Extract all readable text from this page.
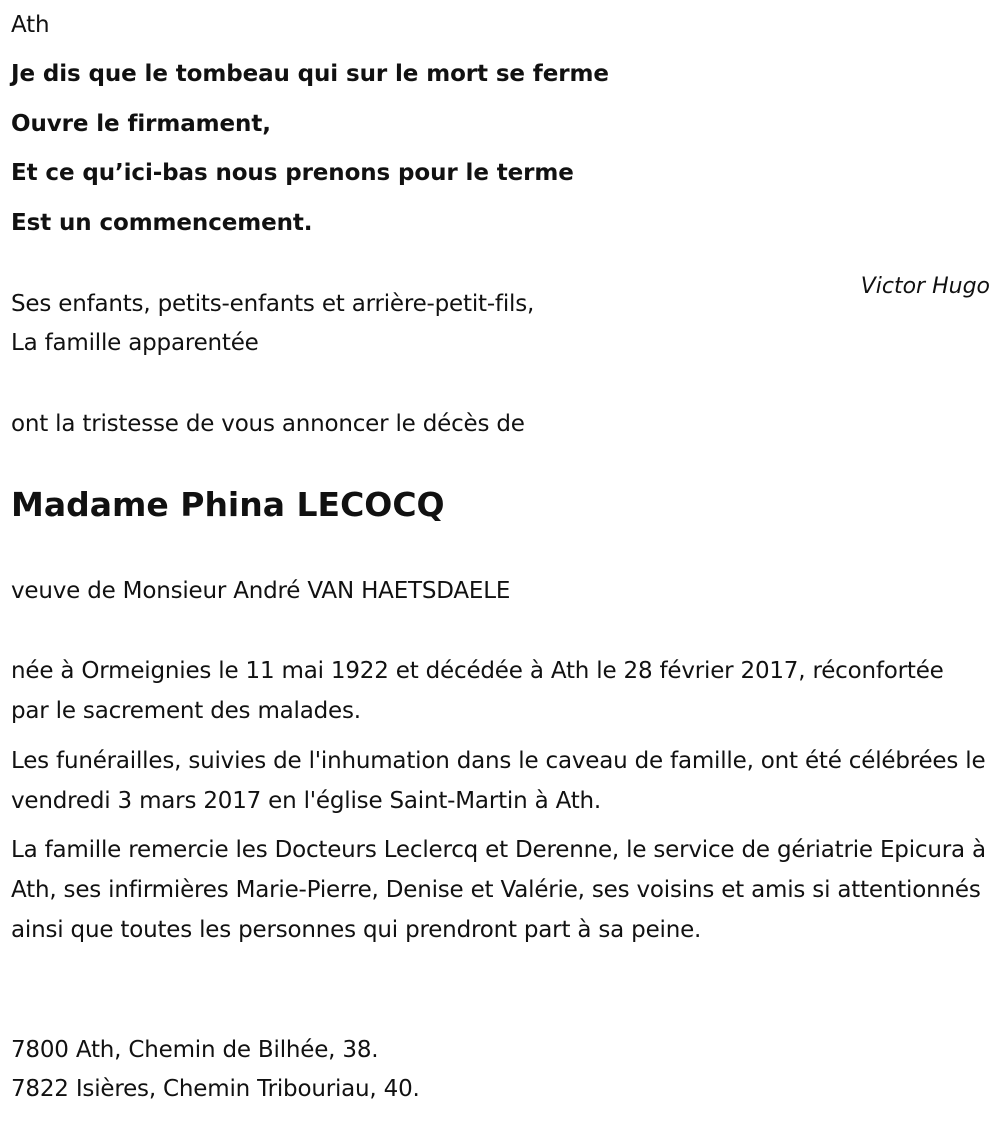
Ath
Je dis que le tombeau qui sur le mort se ferme
Ouvre le firmament,
Et ce qu’ici-bas nous prenons pour le terme
Est un commencement.
Victor Hugo
Ses enfants, petits-enfants et arrière-petit-fils,
La famille apparentée
ont la tristesse de vous annoncer le décès de
Madame Phina LECOCQ
veuve de Monsieur André VAN HAETSDAELE
née à Ormeignies le 11 mai 1922 et décédée à Ath le 28 février 2017, réconfortée par le sacrement des malades.
Les funérailles, suivies de l'inhumation dans le caveau de famille, ont été célébrées le vendredi 3 mars 2017 en l'église Saint-Martin à Ath.
La famille remercie les Docteurs Leclercq et Derenne, le service de gériatrie Epicura à Ath, ses infirmières Marie-Pierre, Denise et Valérie, ses voisins et amis si attentionnés ainsi que toutes les personnes qui prendront part à sa peine.
7800 Ath, Chemin de Bilhée, 38.
7822 Isières, Chemin Tribouriau, 40.
